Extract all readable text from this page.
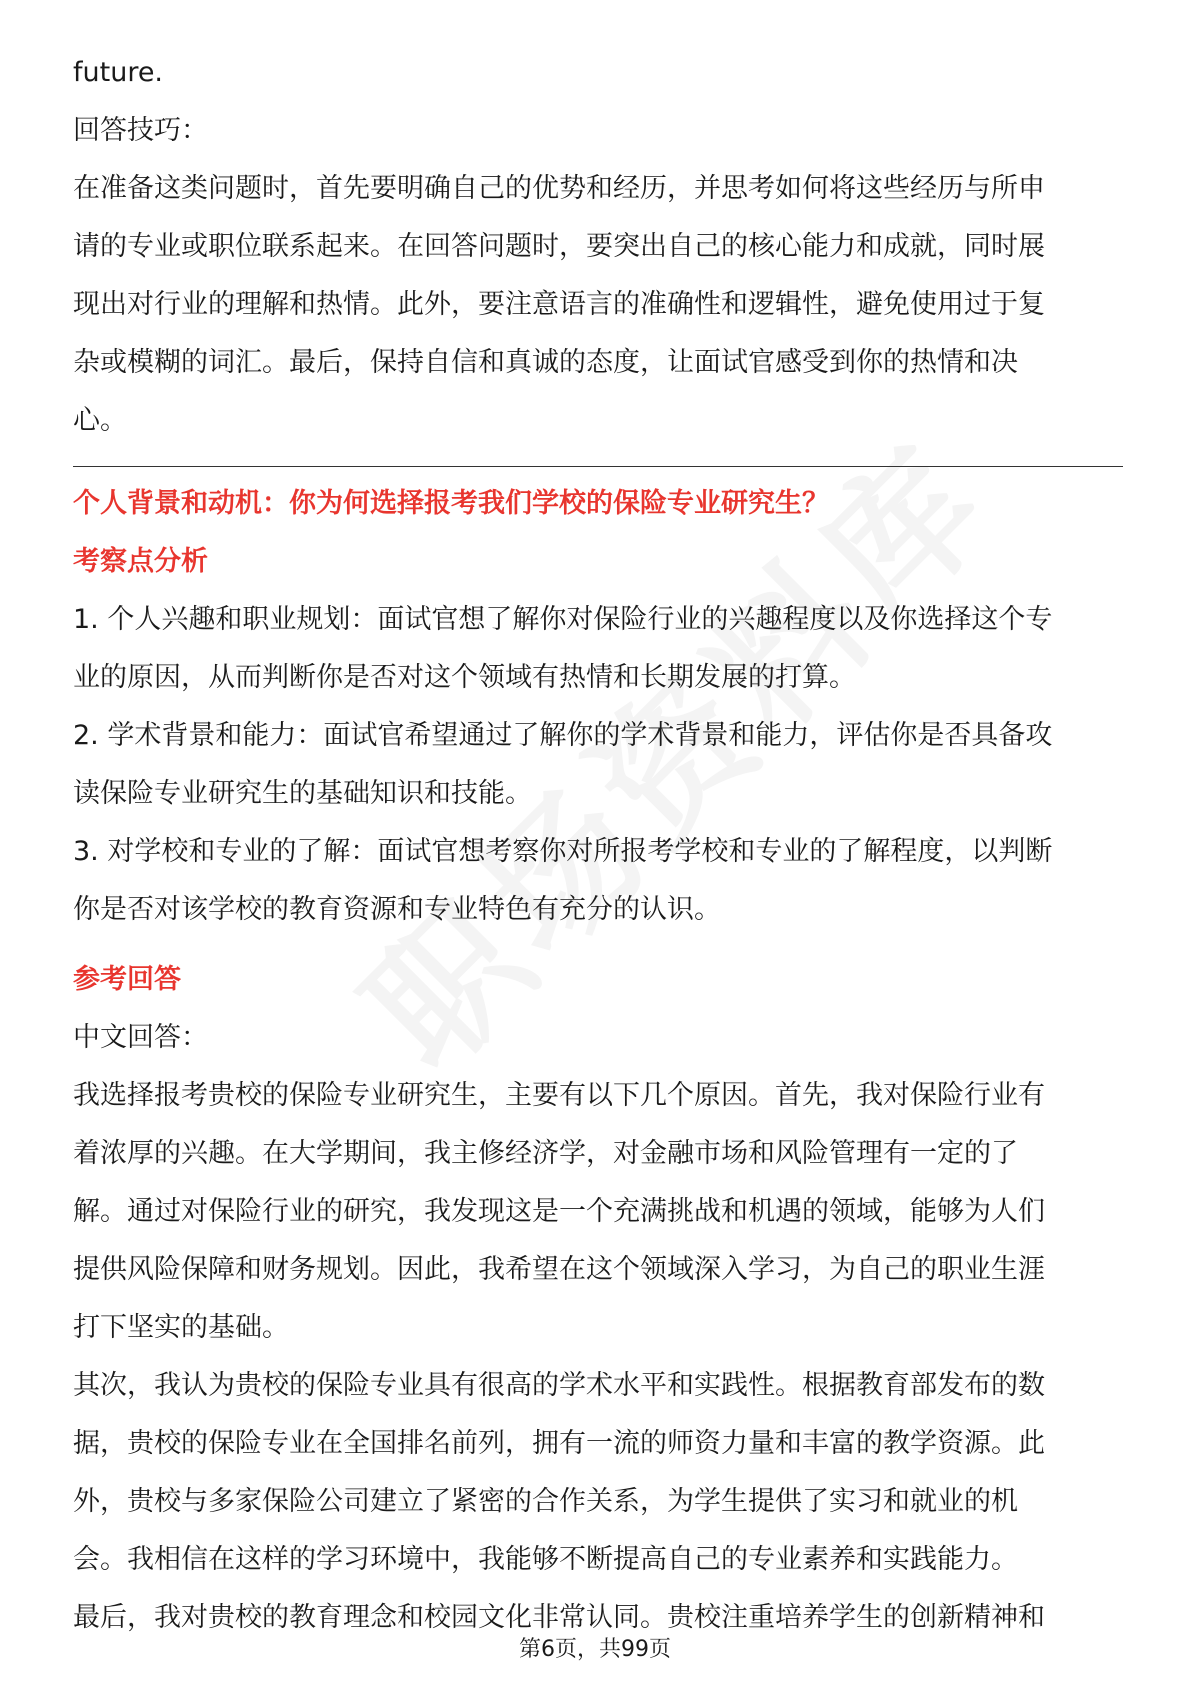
future.
回答技巧：
在准备这类问题时，首先要明确自己的优势和经历，并思考如何将这些经历与所申
请的专业或职位联系起来。在回答问题时，要突出自己的核心能力和成就，同时展
现出对行业的理解和热情。此外，要注意语言的准确性和逻辑性，避免使用过于复
杂或模糊的词汇。最后，保持自信和真诚的态度，让面试官感受到你的热情和决
心。
个人背景和动机：你为何选择报考我们学校的保险专业研究生？
考察点分析
1. 个人兴趣和职业规划：面试官想了解你对保险行业的兴趣程度以及你选择这个专
业的原因，从而判断你是否对这个领域有热情和长期发展的打算。
2. 学术背景和能力：面试官希望通过了解你的学术背景和能力，评估你是否具备攻
读保险专业研究生的基础知识和技能。
3. 对学校和专业的了解：面试官想考察你对所报考学校和专业的了解程度，以判断
你是否对该学校的教育资源和专业特色有充分的认识。
参考回答
中文回答：
我选择报考贵校的保险专业研究生，主要有以下几个原因。首先，我对保险行业有
着浓厚的兴趣。在大学期间，我主修经济学，对金融市场和风险管理有一定的了
解。通过对保险行业的研究，我发现这是一个充满挑战和机遇的领域，能够为人们
提供风险保障和财务规划。因此，我希望在这个领域深入学习，为自己的职业生涯
打下坚实的基础。
其次，我认为贵校的保险专业具有很高的学术水平和实践性。根据教育部发布的数
据，贵校的保险专业在全国排名前列，拥有一流的师资力量和丰富的教学资源。此
外，贵校与多家保险公司建立了紧密的合作关系，为学生提供了实习和就业的机
会。我相信在这样的学习环境中，我能够不断提高自己的专业素养和实践能力。
最后，我对贵校的教育理念和校园文化非常认同。贵校注重培养学生的创新精神和
第6页，共99页
